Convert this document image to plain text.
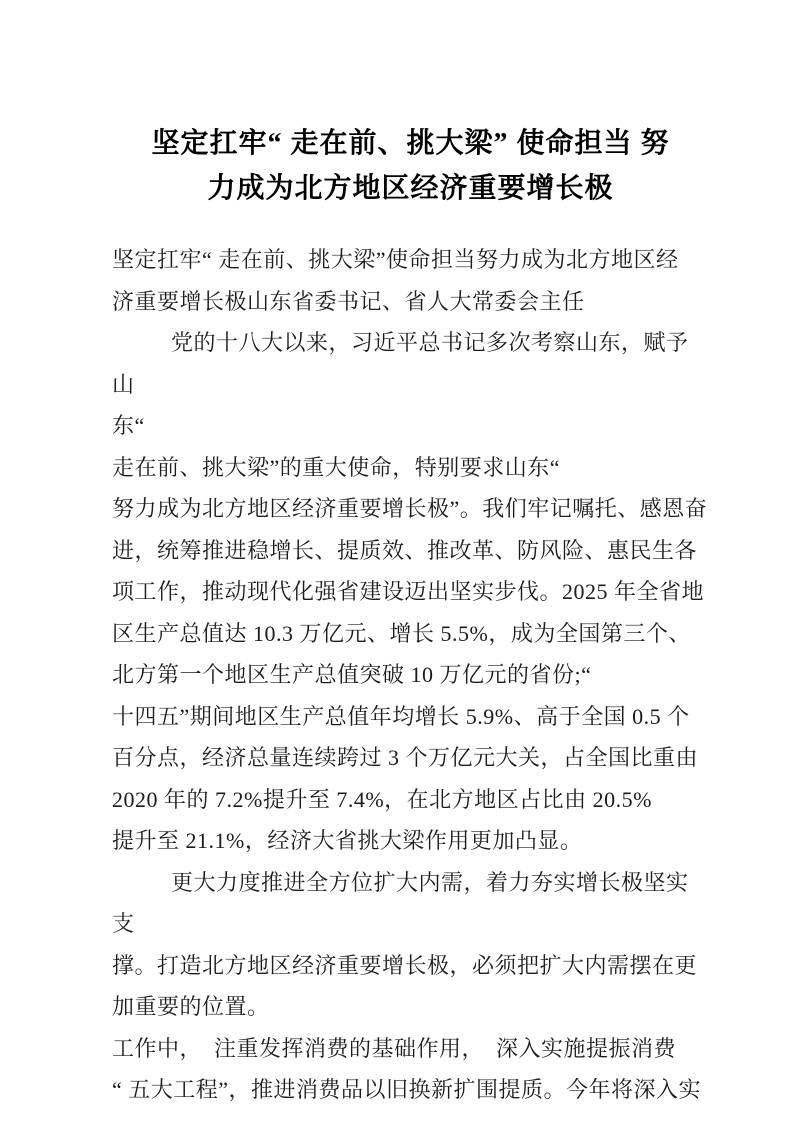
坚定扛牢“ 走在前、挑大梁” 使命担当 努
力成为北方地区经济重要增长极
坚定扛牢“ 走在前、挑大梁”使命担当努力成为北方地区经
济重要增长极山东省委书记、省人大常委会主任
党的十八大以来，习近平总书记多次考察山东，赋予山
东“
走在前、挑大梁”的重大使命，特别要求山东“
努力成为北方地区经济重要增长极”。我们牢记嘱托、感恩奋
进，统筹推进稳增长、提质效、推改革、防风险、惠民生各
项工作，推动现代化强省建设迈出坚实步伐。2025 年全省地
区生产总值达 10.3 万亿元、增长 5.5%，成为全国第三个、
北方第一个地区生产总值突破 10 万亿元的省份;“
十四五”期间地区生产总值年均增长 5.9%、高于全国 0.5 个
百分点，经济总量连续跨过 3 个万亿元大关，占全国比重由
2020 年的 7.2%提升至 7.4%，在北方地区占比由 20.5%
提升至 21.1%，经济大省挑大梁作用更加凸显。
更大力度推进全方位扩大内需，着力夯实增长极坚实支
撑。打造北方地区经济重要增长极，必须把扩大内需摆在更
加重要的位置。
工作中，  注重发挥消费的基础作用，  深入实施提振消费
“ 五大工程”，推进消费品以旧换新扩围提质。今年将深入实
